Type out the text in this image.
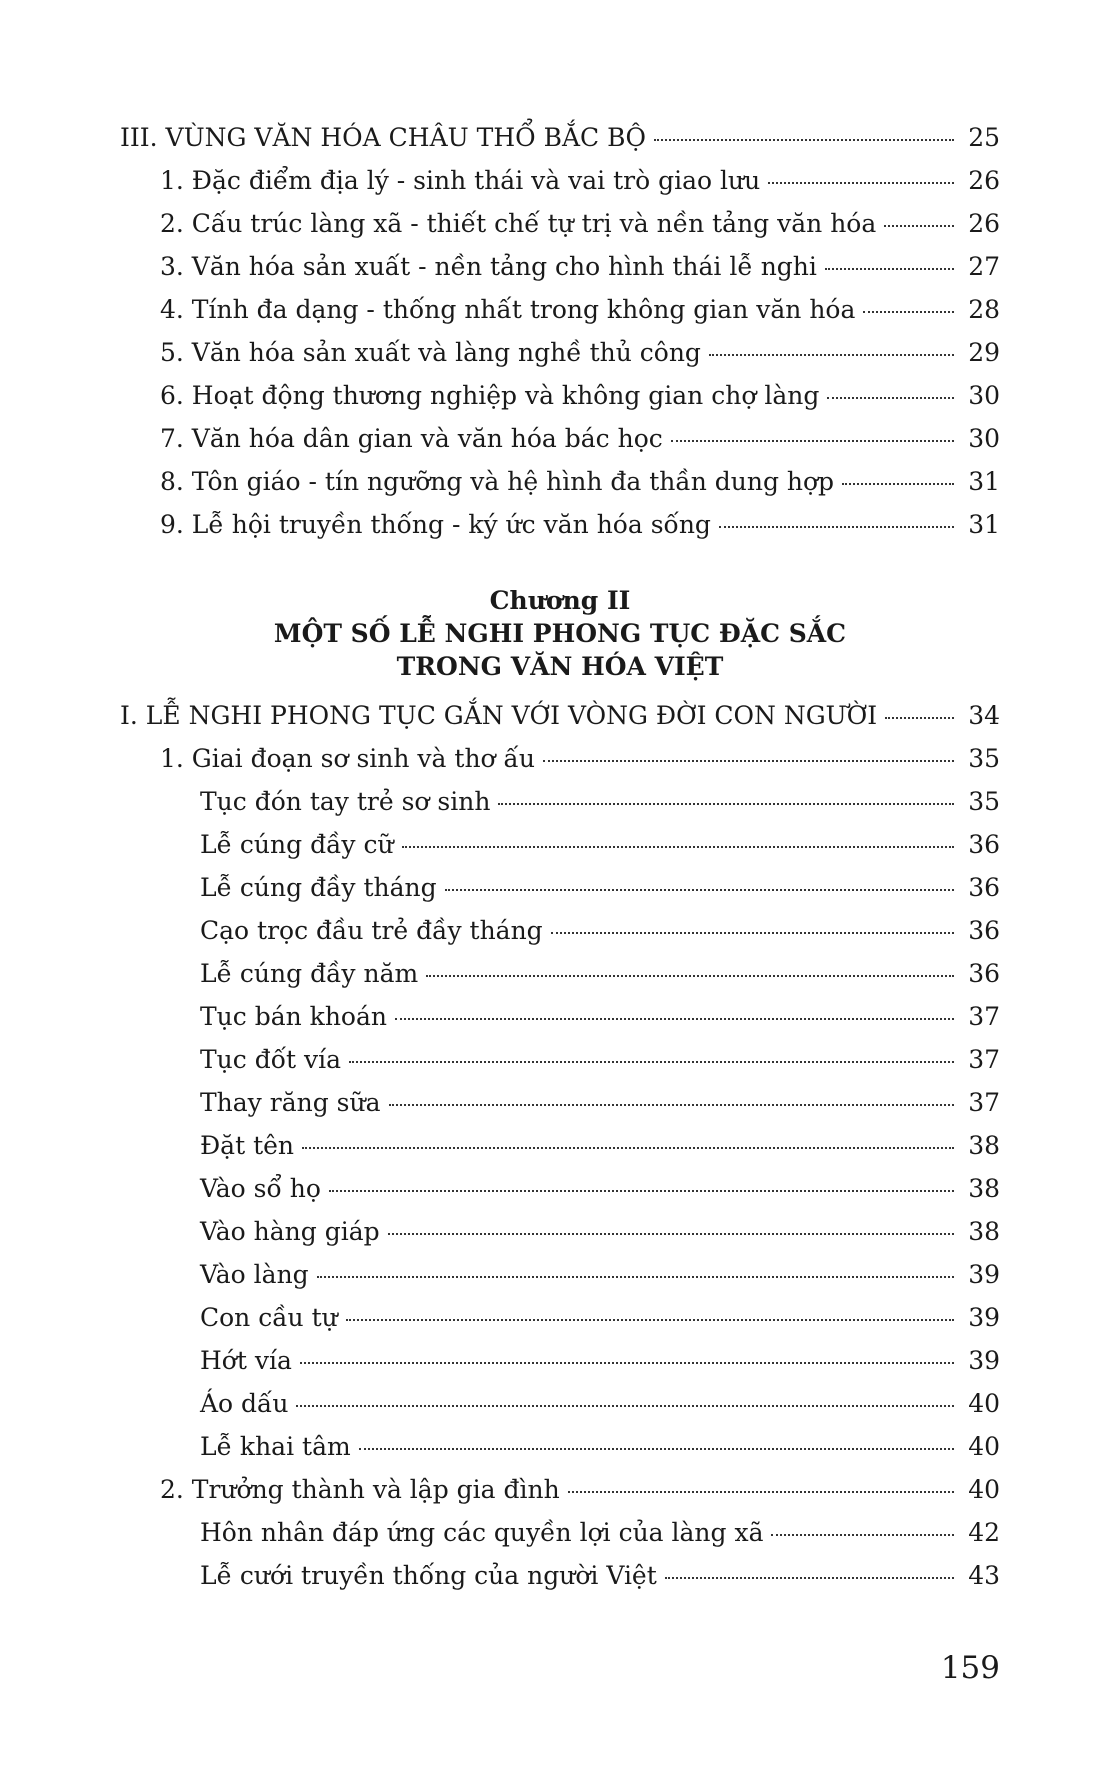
III. VÙNG VĂN HÓA CHÂU THỔ BẮC BỘ	25
1. Đặc điểm địa lý - sinh thái và vai trò giao lưu	26
2. Cấu trúc làng xã - thiết chế tự trị và nền tảng văn hóa	26
3. Văn hóa sản xuất - nền tảng cho hình thái lễ nghi	27
4. Tính đa dạng - thống nhất trong không gian văn hóa	28
5. Văn hóa sản xuất và làng nghề thủ công	29
6. Hoạt động thương nghiệp và không gian chợ làng	30
7. Văn hóa dân gian và văn hóa bác học	30
8. Tôn giáo - tín ngưỡng và hệ hình đa thần dung hợp	31
9. Lễ hội truyền thống - ký ức văn hóa sống	31
Chương II
MỘT SỐ LỄ NGHI PHONG TỤC ĐẶC SẮC
TRONG VĂN HÓA VIỆT
I. LỄ NGHI PHONG TỤC GẮN VỚI VÒNG ĐỜI CON NGƯỜI	34
1. Giai đoạn sơ sinh và thơ ấu	35
Tục đón tay trẻ sơ sinh	35
Lễ cúng đầy cữ	36
Lễ cúng đầy tháng	36
Cạo trọc đầu trẻ đầy tháng	36
Lễ cúng đầy năm	36
Tục bán khoán	37
Tục đốt vía	37
Thay răng sữa	37
Đặt tên	38
Vào sổ họ	38
Vào hàng giáp	38
Vào làng	39
Con cầu tự	39
Hớt vía	39
Áo dấu	40
Lễ khai tâm	40
2. Trưởng thành và lập gia đình	40
Hôn nhân đáp ứng các quyền lợi của làng xã	42
Lễ cưới truyền thống của người Việt	43
159
